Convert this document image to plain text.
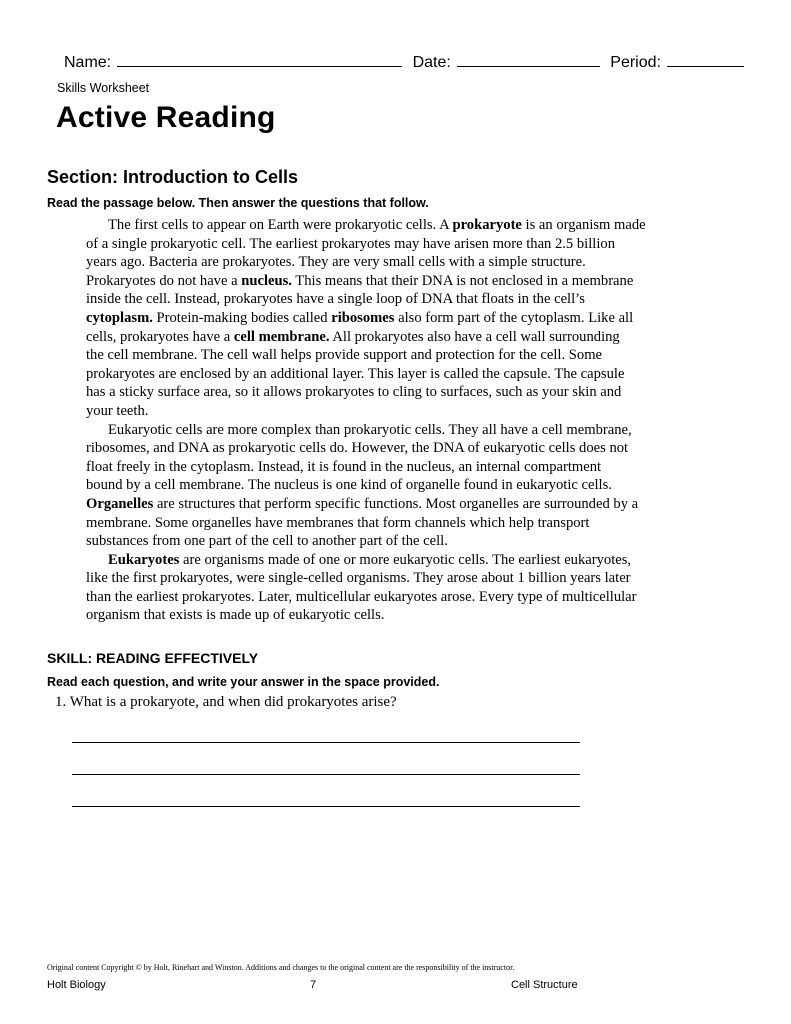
Name:	Date:	Period:
Skills Worksheet
Active Reading
Section: Introduction to Cells
Read the passage below. Then answer the questions that follow.
The first cells to appear on Earth were prokaryotic cells. A prokaryote is an organism made
of a single prokaryotic cell. The earliest prokaryotes may have arisen more than 2.5 billion
years ago. Bacteria are prokaryotes. They are very small cells with a simple structure.
Prokaryotes do not have a nucleus. This means that their DNA is not enclosed in a membrane
inside the cell. Instead, prokaryotes have a single loop of DNA that floats in the cell’s
cytoplasm. Protein-making bodies called ribosomes also form part of the cytoplasm. Like all
cells, prokaryotes have a cell membrane. All prokaryotes also have a cell wall surrounding
the cell membrane. The cell wall helps provide support and protection for the cell. Some
prokaryotes are enclosed by an additional layer. This layer is called the capsule. The capsule
has a sticky surface area, so it allows prokaryotes to cling to surfaces, such as your skin and
your teeth.
Eukaryotic cells are more complex than prokaryotic cells. They all have a cell membrane,
ribosomes, and DNA as prokaryotic cells do. However, the DNA of eukaryotic cells does not
float freely in the cytoplasm. Instead, it is found in the nucleus, an internal compartment
bound by a cell membrane. The nucleus is one kind of organelle found in eukaryotic cells.
Organelles are structures that perform specific functions. Most organelles are surrounded by a
membrane. Some organelles have membranes that form channels which help transport
substances from one part of the cell to another part of the cell.
Eukaryotes are organisms made of one or more eukaryotic cells. The earliest eukaryotes,
like the first prokaryotes, were single-celled organisms. They arose about 1 billion years later
than the earliest prokaryotes. Later, multicellular eukaryotes arose. Every type of multicellular
organism that exists is made up of eukaryotic cells.
SKILL: READING EFFECTIVELY
Read each question, and write your answer in the space provided.
1. What is a prokaryote, and when did prokaryotes arise?
Original content Copyright © by Holt, Rinehart and Winston. Additions and changes to the original content are the responsibility of the instructor.
Holt Biology	7	Cell Structure
